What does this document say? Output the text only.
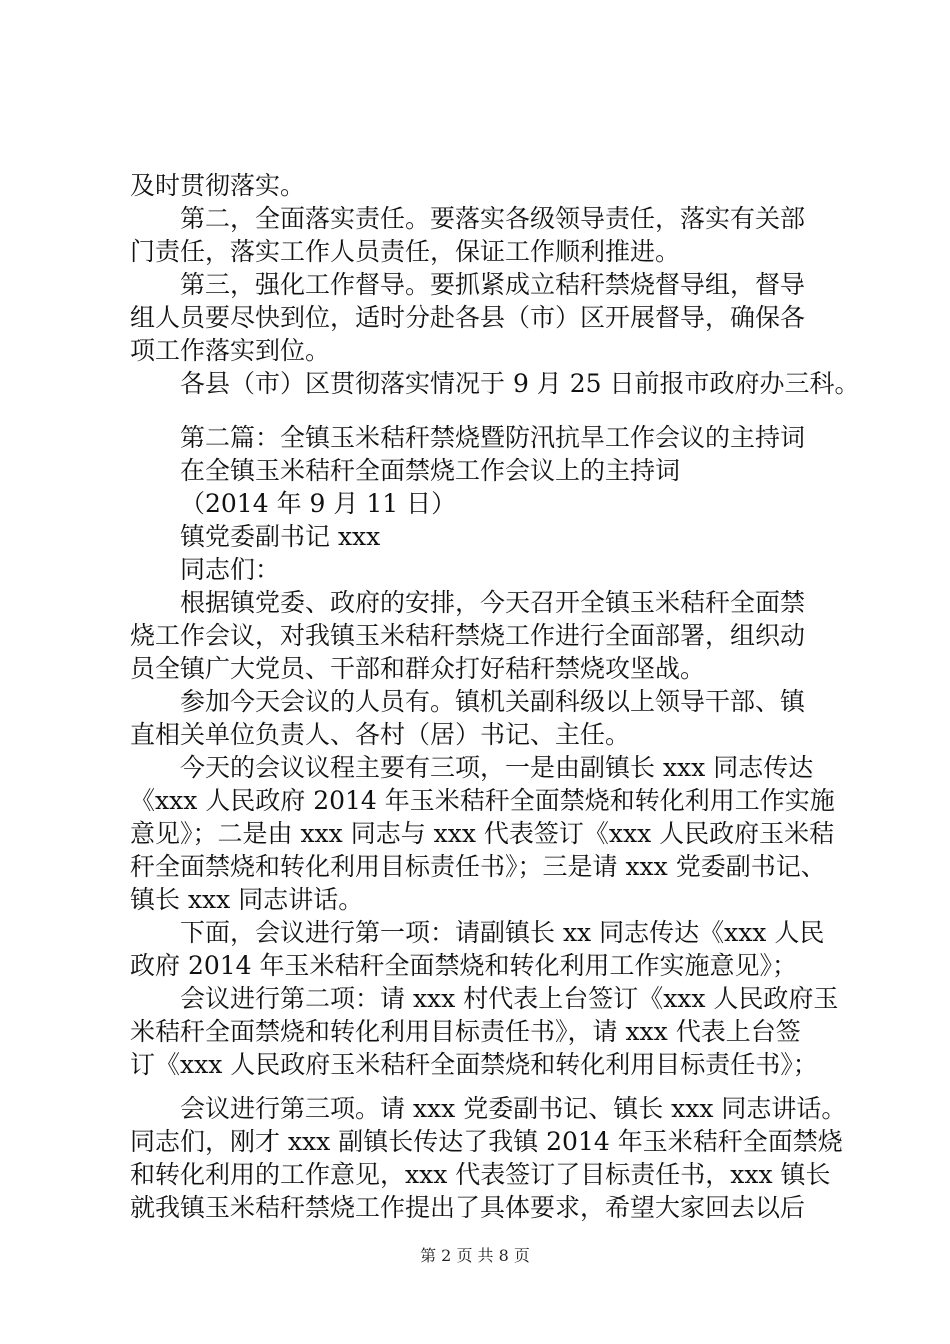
及时贯彻落实。
第二，全面落实责任。要落实各级领导责任，落实有关部
门责任，落实工作人员责任，保证工作顺利推进。
第三，强化工作督导。要抓紧成立秸秆禁烧督导组，督导
组人员要尽快到位，适时分赴各县（市）区开展督导，确保各
项工作落实到位。
各县（市）区贯彻落实情况于 9 月 25 日前报市政府办三科。
第二篇：全镇玉米秸秆禁烧暨防汛抗旱工作会议的主持词
在全镇玉米秸秆全面禁烧工作会议上的主持词
（2014 年 9 月 11 日）
镇党委副书记 xxx
同志们：
根据镇党委、政府的安排，今天召开全镇玉米秸秆全面禁
烧工作会议，对我镇玉米秸秆禁烧工作进行全面部署，组织动
员全镇广大党员、干部和群众打好秸秆禁烧攻坚战。
参加今天会议的人员有。镇机关副科级以上领导干部、镇
直相关单位负责人、各村（居）书记、主任。
今天的会议议程主要有三项，一是由副镇长 xxx 同志传达
《xxx 人民政府 2014 年玉米秸秆全面禁烧和转化利用工作实施
意见》；二是由 xxx 同志与 xxx 代表签订《xxx 人民政府玉米秸
秆全面禁烧和转化利用目标责任书》；三是请 xxx 党委副书记、
镇长 xxx 同志讲话。
下面，会议进行第一项：请副镇长 xx 同志传达《xxx 人民
政府 2014 年玉米秸秆全面禁烧和转化利用工作实施意见》；
会议进行第二项：请 xxx 村代表上台签订《xxx 人民政府玉
米秸秆全面禁烧和转化利用目标责任书》，请 xxx 代表上台签
订《xxx 人民政府玉米秸秆全面禁烧和转化利用目标责任书》；
会议进行第三项。请 xxx 党委副书记、镇长 xxx 同志讲话。
同志们，刚才 xxx 副镇长传达了我镇 2014 年玉米秸秆全面禁烧
和转化利用的工作意见，xxx 代表签订了目标责任书，xxx 镇长
就我镇玉米秸秆禁烧工作提出了具体要求，希望大家回去以后
第 2 页 共 8 页
